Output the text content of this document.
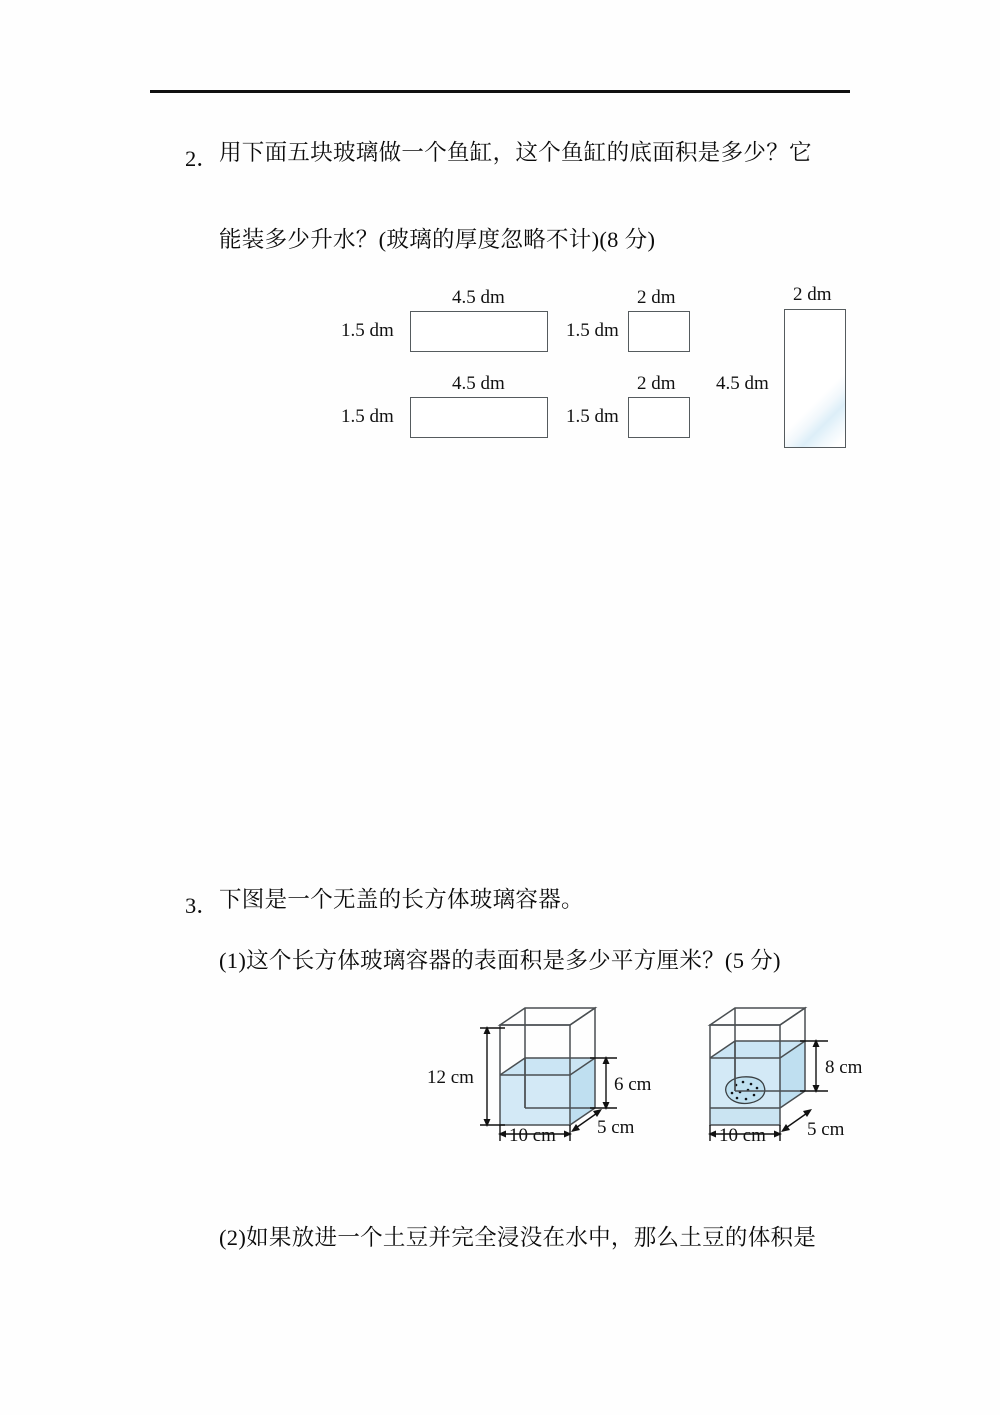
2． 用下面五块玻璃做一个鱼缸，这个鱼缸的底面积是多少？它
能装多少升水？(玻璃的厚度忽略不计)(8 分)
4.5 dm
1.5 dm
4.5 dm
1.5 dm
2 dm
1.5 dm
2 dm
1.5 dm
2 dm
4.5 dm
3． 下图是一个无盖的长方体玻璃容器。
(1)这个长方体玻璃容器的表面积是多少平方厘米？(5 分)
12 cm	6 cm
10 cm 5 cm
8 cm
10 cm 5 cm
(2)如果放进一个土豆并完全浸没在水中，那么土豆的体积是
